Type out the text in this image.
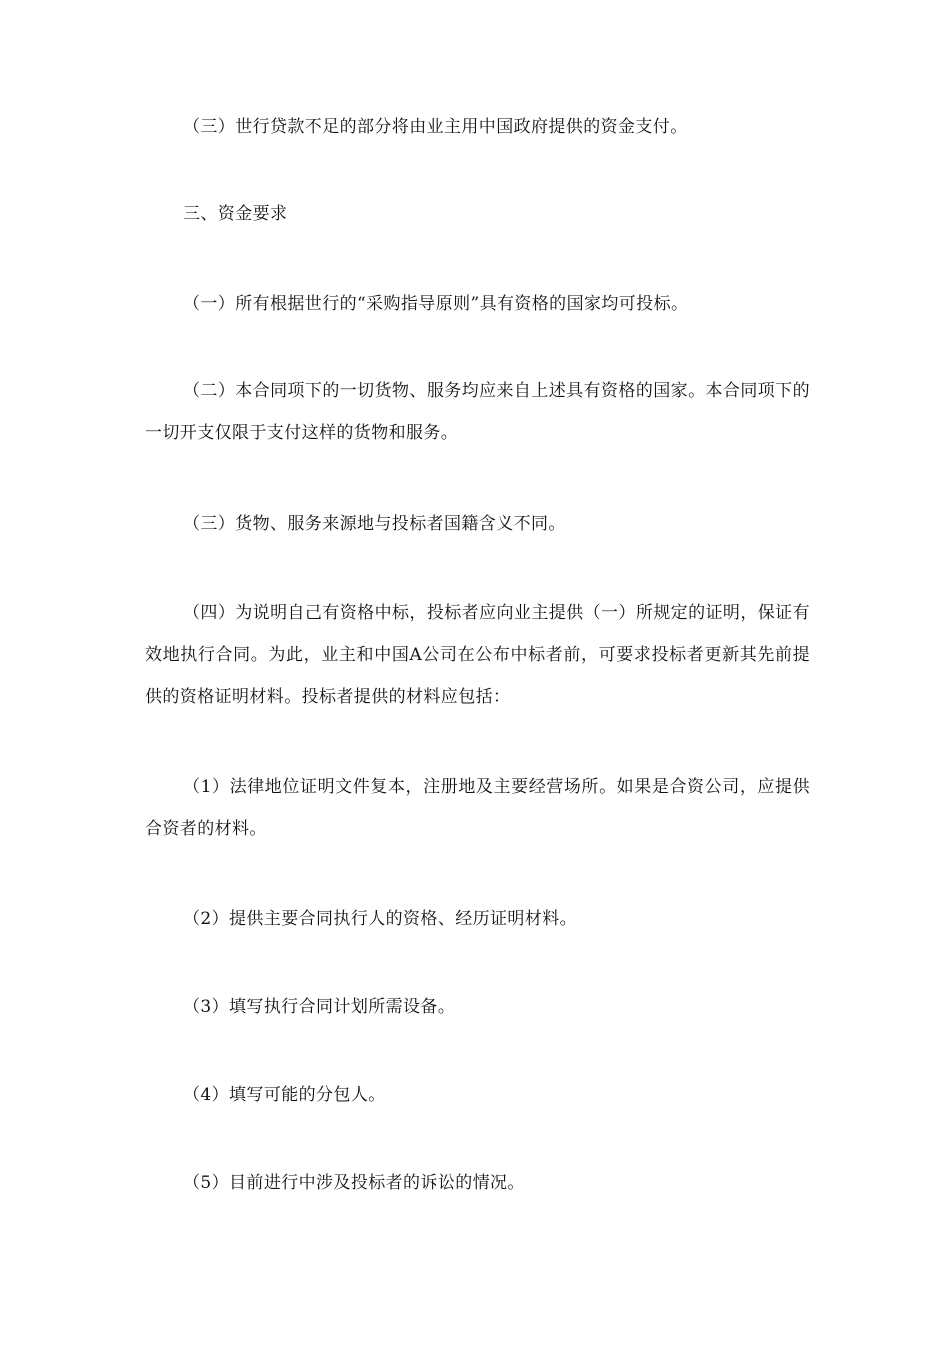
（三）世行贷款不足的部分将由业主用中国政府提供的资金支付。

三、资金要求

（一）所有根据世行的“采购指导原则”具有资格的国家均可投标。

（二）本合同项下的一切货物、服务均应来自上述具有资格的国家。本合同项下的一切开支仅限于支付这样的货物和服务。

（三）货物、服务来源地与投标者国籍含义不同。

（四）为说明自己有资格中标，投标者应向业主提供（一）所规定的证明，保证有效地执行合同。为此，业主和中国A公司在公布中标者前，可要求投标者更新其先前提供的资格证明材料。投标者提供的材料应包括：

（1）法律地位证明文件复本，注册地及主要经营场所。如果是合资公司，应提供合资者的材料。

（2）提供主要合同执行人的资格、经历证明材料。

（3）填写执行合同计划所需设备。

（4）填写可能的分包人。

（5）目前进行中涉及投标者的诉讼的情况。
